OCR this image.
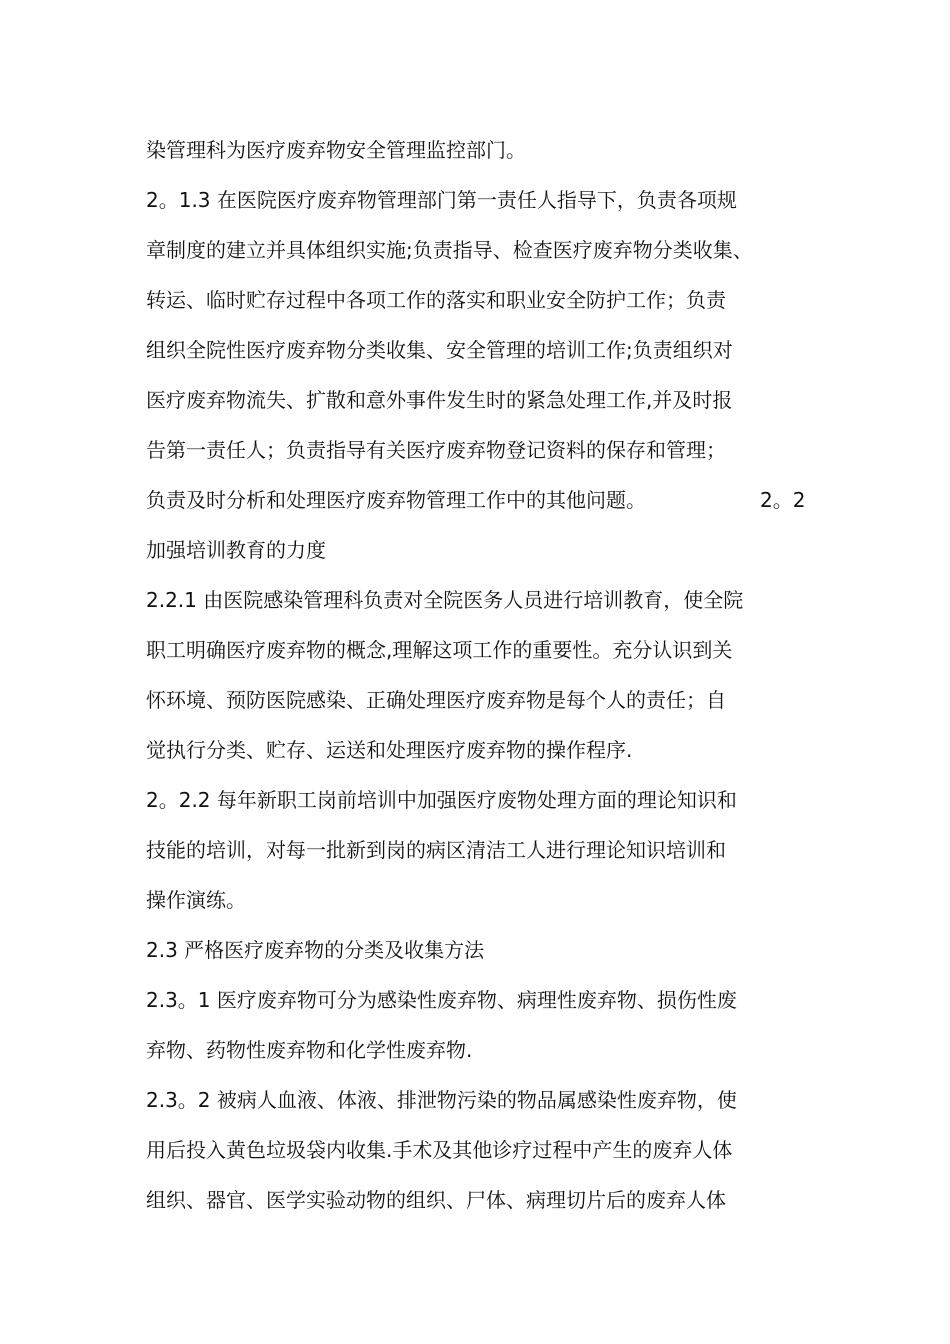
染管理科为医疗废弃物安全管理监控部门。
2。1.3 在医院医疗废弃物管理部门第一责任人指导下，负责各项规
章制度的建立并具体组织实施;负责指导、检查医疗废弃物分类收集、
转运、临时贮存过程中各项工作的落实和职业安全防护工作；负责
组织全院性医疗废弃物分类收集、安全管理的培训工作;负责组织对
医疗废弃物流失、扩散和意外事件发生时的紧急处理工作,并及时报
告第一责任人；负责指导有关医疗废弃物登记资料的保存和管理；
负责及时分析和处理医疗废弃物管理工作中的其他问题。	2。2
加强培训教育的力度
2.2.1 由医院感染管理科负责对全院医务人员进行培训教育，使全院
职工明确医疗废弃物的概念,理解这项工作的重要性。充分认识到关
怀环境、预防医院感染、正确处理医疗废弃物是每个人的责任；自
觉执行分类、贮存、运送和处理医疗废弃物的操作程序.
2。2.2 每年新职工岗前培训中加强医疗废物处理方面的理论知识和
技能的培训，对每一批新到岗的病区清洁工人进行理论知识培训和
操作演练。
2.3 严格医疗废弃物的分类及收集方法
2.3。1 医疗废弃物可分为感染性废弃物、病理性废弃物、损伤性废
弃物、药物性废弃物和化学性废弃物.
2.3。2 被病人血液、体液、排泄物污染的物品属感染性废弃物，使
用后投入黄色垃圾袋内收集.手术及其他诊疗过程中产生的废弃人体
组织、器官、医学实验动物的组织、尸体、病理切片后的废弃人体
